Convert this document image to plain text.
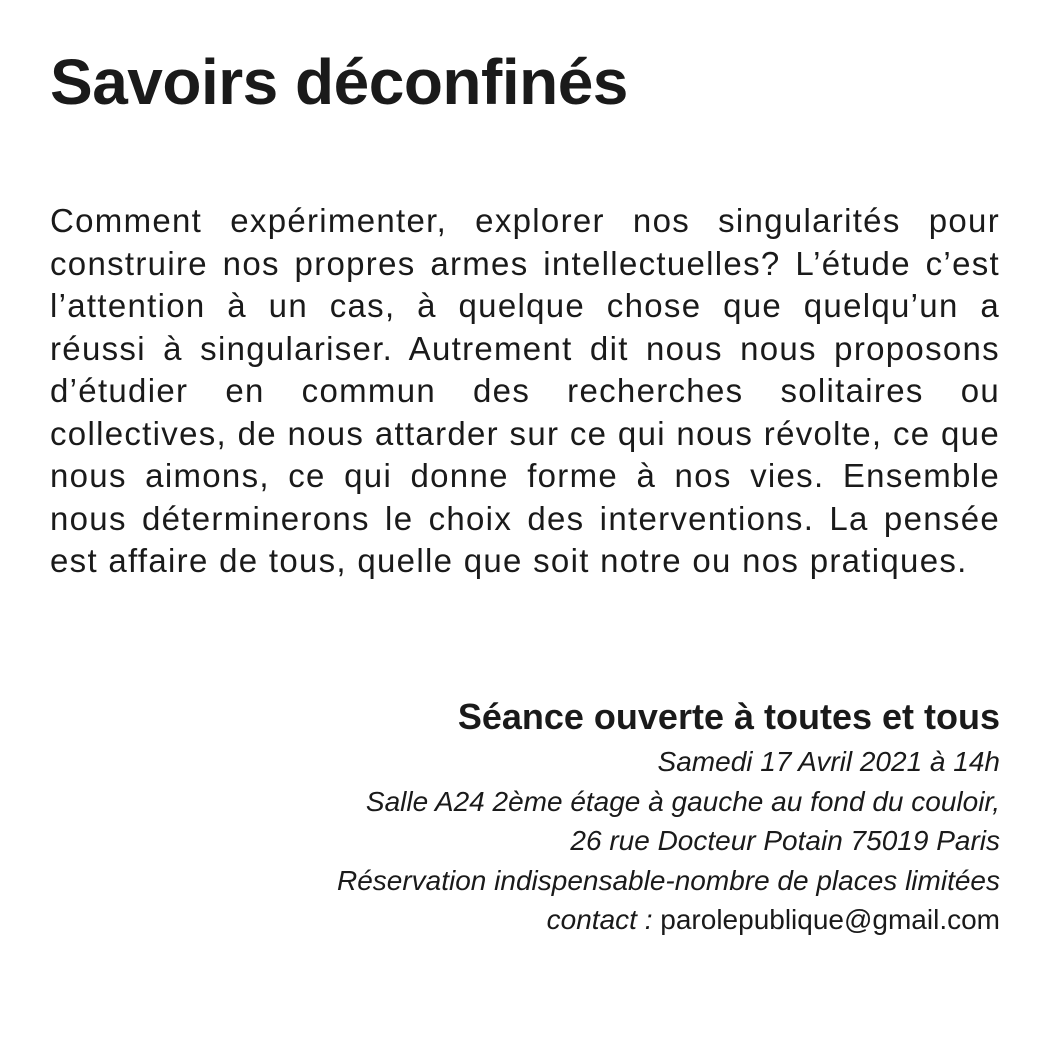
Savoirs déconfinés

Comment expérimenter, explorer nos singularités pour construire nos propres armes intellectuelles? L’étude c’est l’attention à un cas, à quelque chose que quelqu’un a réussi à singulariser. Autrement dit nous nous proposons d’étudier en commun des recherches solitaires ou collectives, de nous attarder sur ce qui nous révolte, ce que nous aimons, ce qui donne forme à nos vies. Ensemble nous déterminerons le choix des interventions. La pensée est affaire de tous, quelle que soit notre ou nos pratiques.

Séance ouverte à toutes et tous

Samedi 17 Avril 2021 à 14h

Salle A24 2ème étage à gauche au fond du couloir,

26 rue Docteur Potain 75019 Paris

Réservation indispensable-nombre de places limitées

contact : parolepublique@gmail.com
